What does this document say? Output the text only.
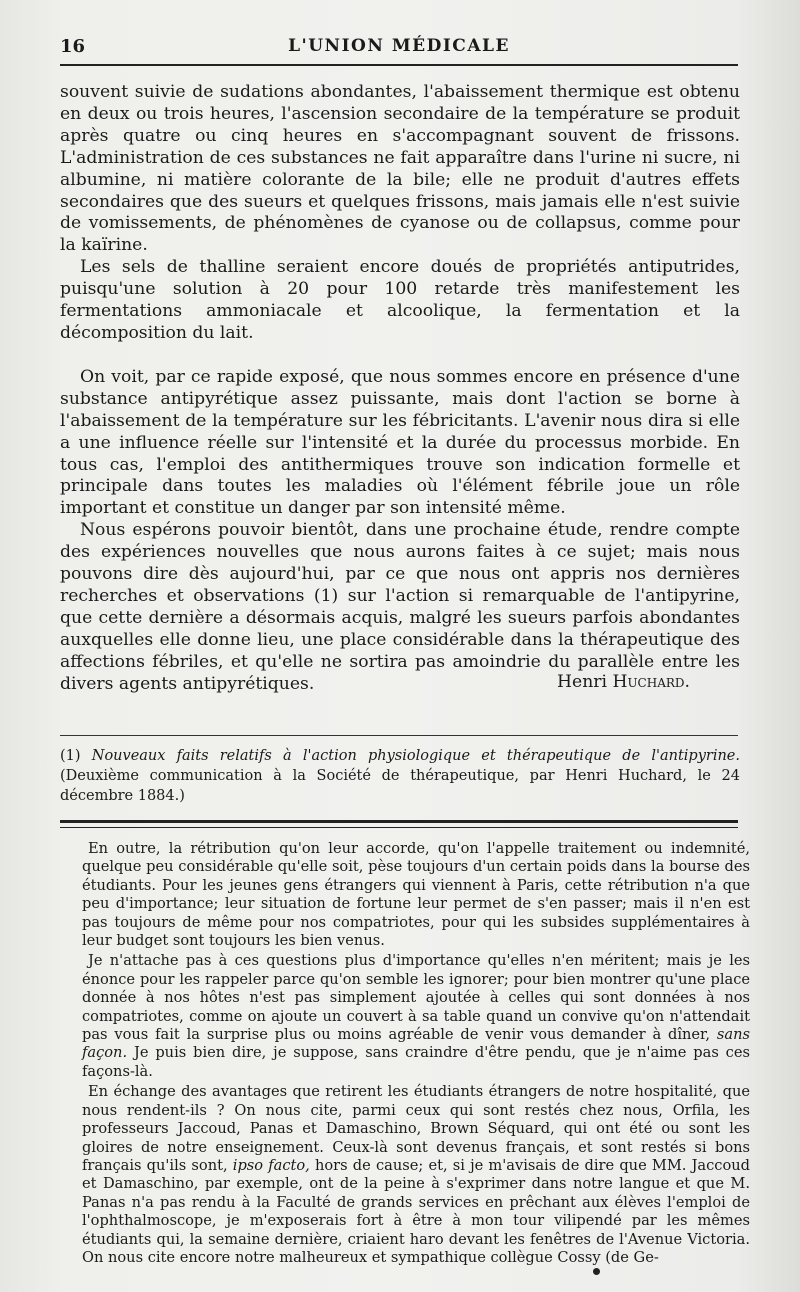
16	L'UNION MÉDICALE

souvent suivie de sudations abondantes, l'abaissement thermique est obtenu en deux ou trois heures, l'ascension secondaire de la température se produit après quatre ou cinq heures en s'accompagnant souvent de frissons. L'administration de ces substances ne fait apparaître dans l'urine ni sucre, ni albumine, ni matière colorante de la bile; elle ne produit d'autres effets secondaires que des sueurs et quelques frissons, mais jamais elle n'est suivie de vomissements, de phénomènes de cyanose ou de collapsus, comme pour la kaïrine.

Les sels de thalline seraient encore doués de propriétés antiputrides, puisqu'une solution à 20 pour 100 retarde très manifestement les fermentations ammoniacale et alcoolique, la fermentation et la décomposition du lait.

On voit, par ce rapide exposé, que nous sommes encore en présence d'une substance antipyrétique assez puissante, mais dont l'action se borne à l'abaissement de la température sur les fébricitants. L'avenir nous dira si elle a une influence réelle sur l'intensité et la durée du processus morbide. En tous cas, l'emploi des antithermiques trouve son indication formelle et principale dans toutes les maladies où l'élément fébrile joue un rôle important et constitue un danger par son intensité même.

Nous espérons pouvoir bientôt, dans une prochaine étude, rendre compte des expériences nouvelles que nous aurons faites à ce sujet; mais nous pouvons dire dès aujourd'hui, par ce que nous ont appris nos dernières recherches et observations (1) sur l'action si remarquable de l'antipyrine, que cette dernière a désormais acquis, malgré les sueurs parfois abondantes auxquelles elle donne lieu, une place considérable dans la thérapeutique des affections fébriles, et qu'elle ne sortira pas amoindrie du parallèle entre les divers agents antipyrétiques.	Henri Huchard.
(1) Nouveaux faits relatifs à l'action physiologique et thérapeutique de l'antipyrine. (Deuxième communication à la Société de thérapeutique, par Henri Huchard, le 24 décembre 1884.)

En outre, la rétribution qu'on leur accorde, qu'on l'appelle traitement ou indemnité, quelque peu considérable qu'elle soit, pèse toujours d'un certain poids dans la bourse des étudiants. Pour les jeunes gens étrangers qui viennent à Paris, cette rétribution n'a que peu d'importance; leur situation de fortune leur permet de s'en passer; mais il n'en est pas toujours de même pour nos compatriotes, pour qui les subsides supplémentaires à leur budget sont toujours les bien venus.

Je n'attache pas à ces questions plus d'importance qu'elles n'en méritent; mais je les énonce pour les rappeler parce qu'on semble les ignorer; pour bien montrer qu'une place donnée à nos hôtes n'est pas simplement ajoutée à celles qui sont données à nos compatriotes, comme on ajoute un couvert à sa table quand un convive qu'on n'attendait pas vous fait la surprise plus ou moins agréable de venir vous demander à dîner, sans façon. Je puis bien dire, je suppose, sans craindre d'être pendu, que je n'aime pas ces façons-là.

En échange des avantages que retirent les étudiants étrangers de notre hospitalité, que nous rendent-ils ? On nous cite, parmi ceux qui sont restés chez nous, Orfila, les professeurs Jaccoud, Panas et Damaschino, Brown Séquard, qui ont été ou sont les gloires de notre enseignement. Ceux-là sont devenus français, et sont restés si bons français qu'ils sont, ipso facto, hors de cause; et, si je m'avisais de dire que MM. Jaccoud et Damaschino, par exemple, ont de la peine à s'exprimer dans notre langue et que M. Panas n'a pas rendu à la Faculté de grands services en prêchant aux élèves l'emploi de l'ophthalmoscope, je m'exposerais fort à être à mon tour vilipendé par les mêmes étudiants qui, la semaine dernière, criaient haro devant les fenêtres de l'Avenue Victoria. On nous cite encore notre malheureux et sympathique collègue Cossy (de Ge-
